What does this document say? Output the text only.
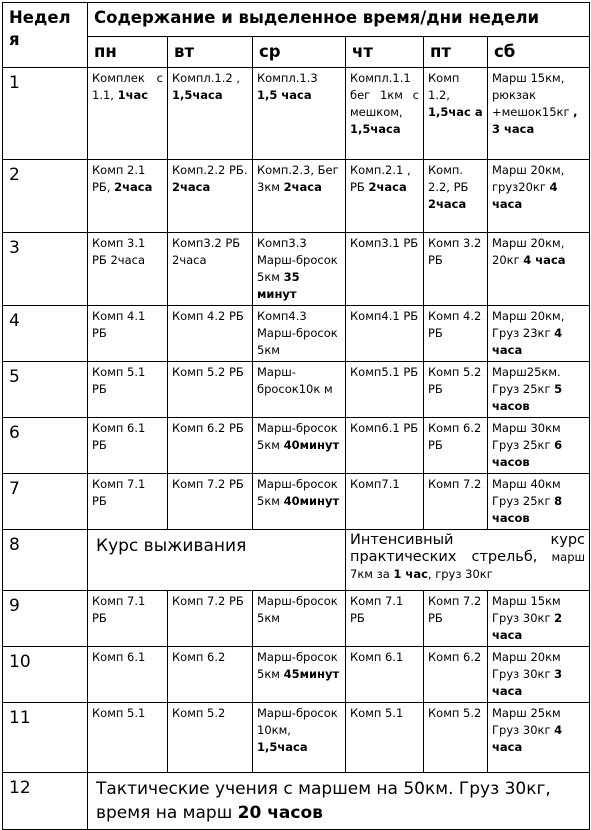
Недел я	Содержание и выделенное время/дни недели					
	пн	вт	ср	чт	пт	сб
1	Комплек с 1.1, 1час	Компл.1.2 , 1,5часа	Компл.1.3 1,5 часа	Компл.1.1 бег 1км с мешком, 1,5часа	Комп 1.2, 1,5час а	Марш 15км, рюкзак +мешок15кг , 3 часа
2	Комп 2.1 РБ, 2часа	Комп.2.2 РБ. 2часа	Комп.2.3, Бег 3км 2часа	Комп.2.1 , РБ 2часа	Комп. 2.2, РБ 2часа	Марш 20км, груз20кг 4 часа
3	Комп 3.1 РБ 2часа	Комп3.2 РБ 2часа	Комп3.3 Марш-бросок 5км 35 минут	Комп3.1 РБ	Комп 3.2 РБ	Марш 20км, 20кг 4 часа
4	Комп 4.1 РБ	Комп 4.2 РБ	Комп4.3 Марш-бросок 5км	Комп4.1 РБ	Комп 4.2 РБ	Марш 20км, Груз 23кг 4 часа
5	Комп 5.1 РБ	Комп 5.2 РБ	Марш-бросок10к м	Комп5.1 РБ	Комп 5.2 РБ	Марш25км. Груз 25кг 5 часов
6	Комп 6.1 РБ	Комп 6.2 РБ	Марш-бросок 5км 40минут	Комп6.1 РБ	Комп 6.2 РБ	Марш 30км Груз 25кг 6 часов
7	Комп 7.1 РБ	Комп 7.2 РБ	Марш-бросок 5км 40минут	Комп7.1	Комп 7.2	Марш 40км Груз 25кг 8 часов
8	Курс выживания			Интенсивный курс практических стрельб, марш 7км за 1 час, груз 30кг		
9	Комп 7.1 РБ	Комп 7.2 РБ	Марш-бросок 5км	Комп 7.1 РБ	Комп 7.2 РБ	Марш 15км Груз 30кг 2 часа
10	Комп 6.1	Комп 6.2	Марш-бросок 5км 45минут	Комп 6.1	Комп 6.2	Марш 20км Груз 30кг 3 часа
11	Комп 5.1	Комп 5.2	Марш-бросок 10км, 1,5часа	Комп 5.1	Комп 5.2	Марш 25км Груз 30кг 4 часа
12	Тактические учения с маршем на 50км. Груз 30кг, время на марш 20 часов					
